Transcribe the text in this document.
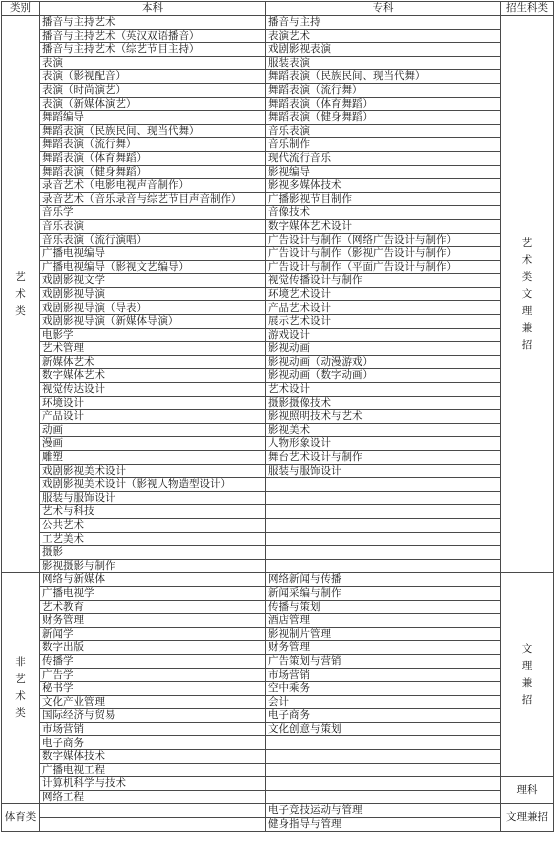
类别	本科	专科	招生科类
艺术类	播音与主持艺术	播音与主持	艺术类文理兼招
	播音与主持艺术（英汉双语播音）	表演艺术	
	播音与主持艺术（综艺节目主持）	戏剧影视表演	
	表演	服装表演	
	表演（影视配音）	舞蹈表演（民族民间、现当代舞）	
	表演（时尚演艺）	舞蹈表演（流行舞）	
	表演（新媒体演艺）	舞蹈表演（体育舞蹈）	
	舞蹈编导	舞蹈表演（健身舞蹈）	
	舞蹈表演（民族民间、现当代舞）	音乐表演	
	舞蹈表演（流行舞）	音乐制作	
	舞蹈表演（体育舞蹈）	现代流行音乐	
	舞蹈表演（健身舞蹈）	影视编导	
	录音艺术（电影电视声音制作）	影视多媒体技术	
	录音艺术（音乐录音与综艺节目声音制作）	广播影视节目制作	
	音乐学	音像技术	
	音乐表演	数字媒体艺术设计	
	音乐表演（流行演唱）	广告设计与制作（网络广告设计与制作）	
	广播电视编导	广告设计与制作（影视广告设计与制作）	
	广播电视编导（影视文艺编导）	广告设计与制作（平面广告设计与制作）	
	戏剧影视文学	视觉传播设计与制作	
	戏剧影视导演	环境艺术设计	
	戏剧影视导演（导表）	产品艺术设计	
	戏剧影视导演（新媒体导演）	展示艺术设计	
	电影学	游戏设计	
	艺术管理	影视动画	
	新媒体艺术	影视动画（动漫游戏）	
	数字媒体艺术	影视动画（数字动画）	
	视觉传达设计	艺术设计	
	环境设计	摄影摄像技术	
	产品设计	影视照明技术与艺术	
	动画	影视美术	
	漫画	人物形象设计	
	雕塑	舞台艺术设计与制作	
	戏剧影视美术设计	服装与服饰设计	
	戏剧影视美术设计（影视人物造型设计）		
	服装与服饰设计		
	艺术与科技		
	公共艺术		
	工艺美术		
	摄影		
	影视摄影与制作		
非艺术类	网络与新媒体	网络新闻与传播	文理兼招
	广播电视学	新闻采编与制作	
	艺术教育	传播与策划	
	财务管理	酒店管理	
	新闻学	影视制片管理	
	数字出版	财务管理	
	传播学	广告策划与营销	
	广告学	市场营销	
	秘书学	空中乘务	
	文化产业管理	会计	
	国际经济与贸易	电子商务	
	市场营销	文化创意与策划	
	电子商务		
	数字媒体技术		
	广播电视工程		
	计算机科学与技术		理科
	网络工程		
体育类		电子竞技运动与管理	文理兼招
		健身指导与管理	
